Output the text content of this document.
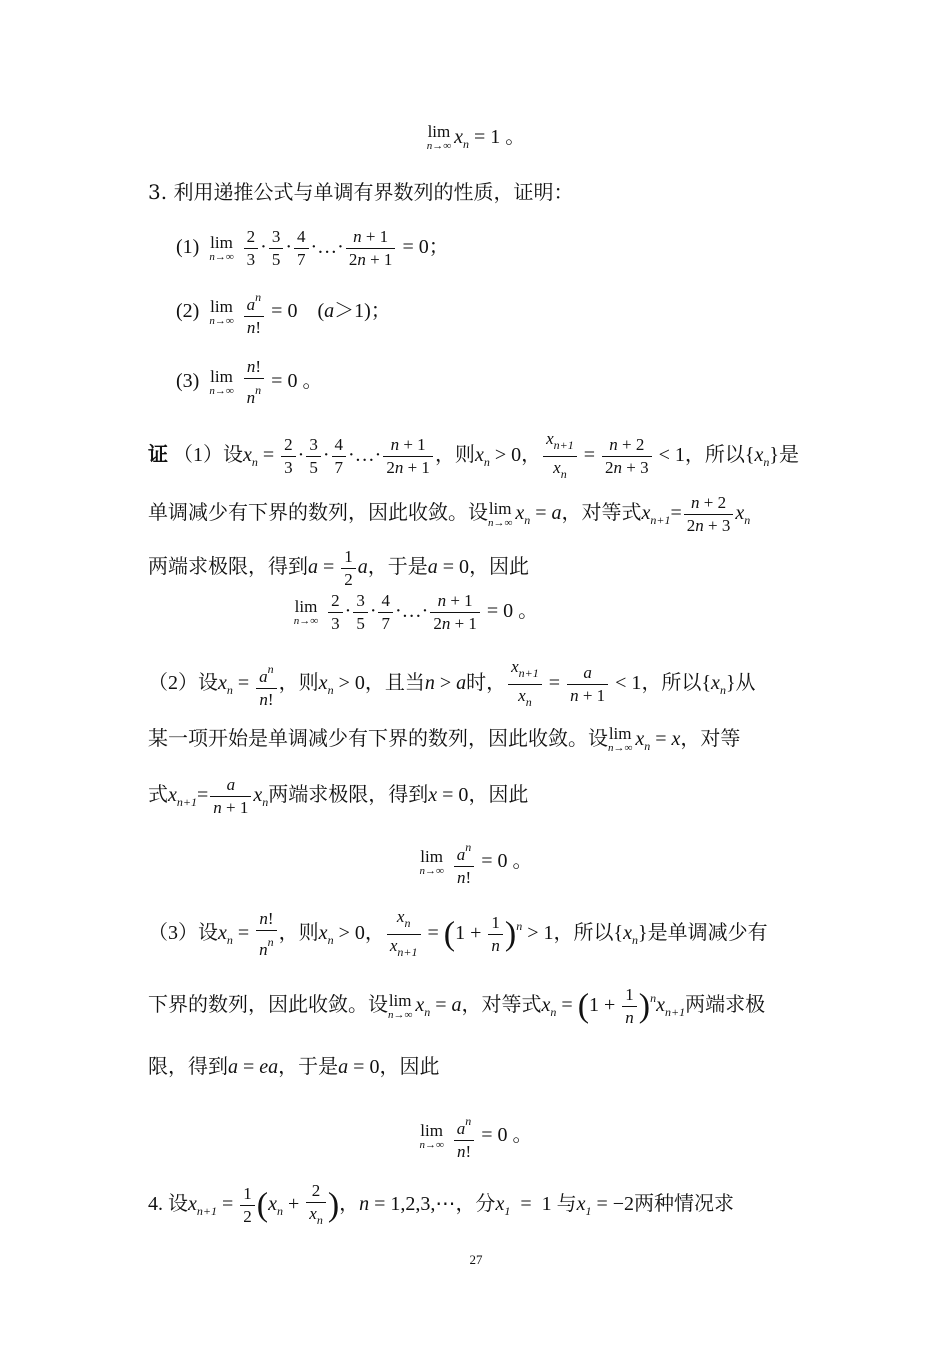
lim
n→∞ $x_n = 1$ 。
3. 利用递推公式与单调有界数列的性质，证明：
(1) lim
n→∞
$\frac{2}{3} \cdot \frac{3}{5} \cdot \frac{4}{7}$ ·…· $\frac{n + 1}{2n + 1} = 0$；
(2) lim
n→∞
$\frac{a^n}{n!} = 0$    (a＞1)；
(3) lim
n→∞
$\frac{n!}{n^n} = 0$ 。
证 （1）设$x_n = \frac{2}{3} \cdot \frac{3}{5} \cdot \frac{4}{7}$ ·…· $\frac{n + 1}{2n + 1}$ ，则$x_n > 0$， $\frac{x_{n+1}}{x_n} = \frac{n + 2}{2n + 3} < 1$，所以$\{x_n\}$是
单调减少有下界的数列，因此收敛。设 lim
n→∞ $x_n = a$，对等式$x_{n+1}= \frac{n + 2}{2n + 3} x_n$
两端求极限，得到$a = \frac{1}{2}$ a，于是a = 0，因此
lim
n→∞
$\frac{2}{3} \cdot \frac{3}{5} \cdot \frac{4}{7}$ ·…· $\frac{n + 1}{2n + 1} = 0$ 。
（2）设$x_n = \frac{a^n}{n!}$ ，则$x_n > 0$，且当n > a时， $\frac{x_{n+1}}{x_n} = \frac{a}{n + 1} < 1$，所以$\{x_n\}$从
某一项开始是单调减少有下界的数列，因此收敛。设 lim
n→∞ $x_n = x$，对等
式$x_{n+1}= \frac{a}{n + 1} x_n$两端求极限，得到x = 0，因此
lim
n→∞
$\frac{a^n}{n!} = 0$ 。
（3）设$x_n = \frac{n!}{n^n}$ ，则$x_n > 0$， $\frac{x_n}{x_{n+1}} = (1 + \frac{1}{n} )^n > 1$，所以$\{x_n\}$是单调减少有
下界的数列，因此收敛。设 lim
n→∞ $x_n = a$，对等式$x_n = (1 + \frac{1}{n} )^nx_{n+1}$两端求极
限，得到a = ea，于是a = 0，因此
lim
n→∞
$\frac{a^n}{n!} = 0$ 。
4. 设$x_{n+1} = \frac{1}{2} (x_n + \frac{2}{x_n}$ )，n = 1,2,3,⋯，分$x_1 = 1$ 与$x_1 = -2$两种情况求
27
